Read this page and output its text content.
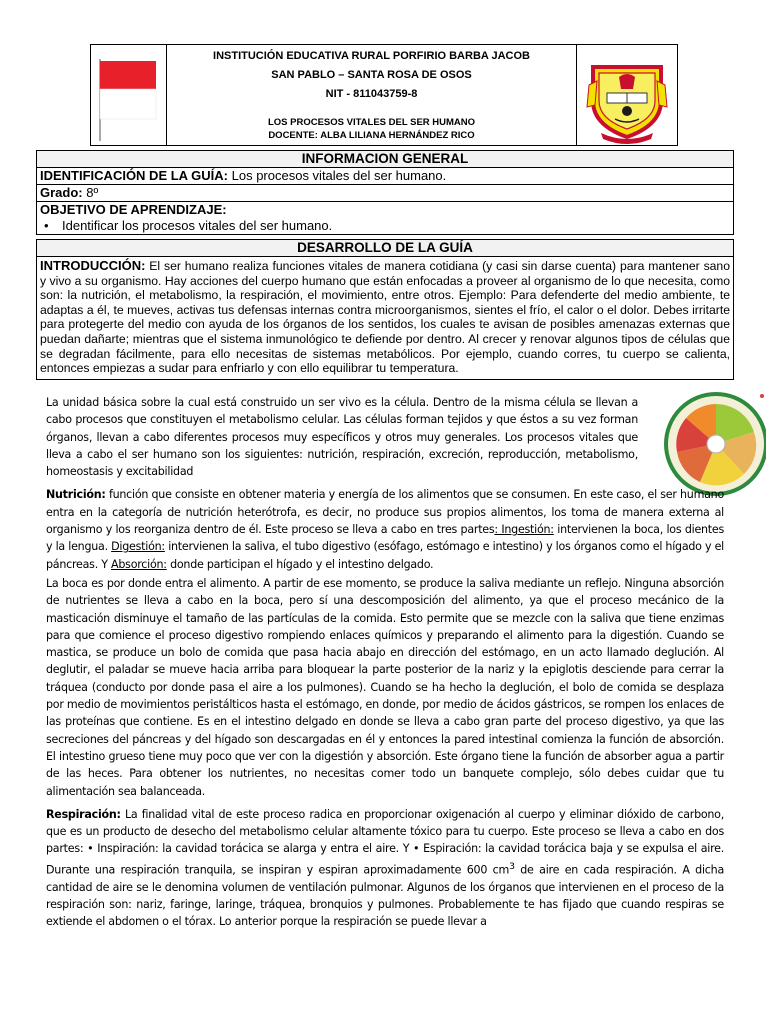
INSTITUCIÓN EDUCATIVA RURAL PORFIRIO BARBA JACOB
SAN PABLO – SANTA ROSA DE OSOS
NIT - 811043759-8
LOS PROCESOS VITALES DEL SER HUMANO
DOCENTE: ALBA LILIANA HERNÁNDEZ RICO
INFORMACION GENERAL
IDENTIFICACIÓN DE LA GUÍA: Los procesos vitales del ser humano.
Grado: 8º
OBJETIVO DE APRENDIZAJE:
• Identificar los procesos vitales del ser humano.
DESARROLLO DE LA GUÍA
INTRODUCCIÓN: El ser humano realiza funciones vitales de manera cotidiana (y casi sin darse cuenta) para mantener sano y vivo a su organismo. Hay acciones del cuerpo humano que están enfocadas a proveer al organismo de lo que necesita, como son: la nutrición, el metabolismo, la respiración, el movimiento, entre otros. Ejemplo: Para defenderte del medio ambiente, te adaptas a él, te mueves, activas tus defensas internas contra microorganismos, sientes el frío, el calor o el dolor. Debes irritarte para protegerte del medio con ayuda de los órganos de los sentidos, los cuales te avisan de posibles amenazas externas que puedan dañarte; mientras que el sistema inmunológico te defiende por dentro. Al crecer y renovar algunos tipos de células que se degradan fácilmente, para ello necesitas de sistemas metabólicos. Por ejemplo, cuando corres, tu cuerpo se calienta, entonces empiezas a sudar para enfriarlo y con ello equilibrar tu temperatura.

La unidad básica sobre la cual está construido un ser vivo es la célula. Dentro de la misma célula se llevan a cabo procesos que constituyen el metabolismo celular. Las células forman tejidos y que éstos a su vez forman órganos, llevan a cabo diferentes procesos muy específicos y otros muy generales. Los procesos vitales que lleva a cabo el ser humano son los siguientes: nutrición, respiración, excreción, reproducción, metabolismo, homeostasis y excitabilidad

Nutrición: función que consiste en obtener materia y energía de los alimentos que se consumen. En este caso, el ser humano entra en la categoría de nutrición heterótrofa, es decir, no produce sus propios alimentos, los toma de manera externa al organismo y los reorganiza dentro de él. Este proceso se lleva a cabo en tres partes: Ingestión: intervienen la boca, los dientes y la lengua. Digestión: intervienen la saliva, el tubo digestivo (esófago, estómago e intestino) y los órganos como el hígado y el páncreas. Y Absorción: donde participan el hígado y el intestino delgado.

La boca es por donde entra el alimento. A partir de ese momento, se produce la saliva mediante un reflejo. Ninguna absorción de nutrientes se lleva a cabo en la boca, pero sí una descomposición del alimento, ya que el proceso mecánico de la masticación disminuye el tamaño de las partículas de la comida. Esto permite que se mezcle con la saliva que tiene enzimas para que comience el proceso digestivo rompiendo enlaces químicos y preparando el alimento para la digestión. Cuando se mastica, se produce un bolo de comida que pasa hacia abajo en dirección del estómago, en un acto llamado deglución. Al deglutir, el paladar se mueve hacia arriba para bloquear la parte posterior de la nariz y la epiglotis desciende para cerrar la tráquea (conducto por donde pasa el aire a los pulmones). Cuando se ha hecho la deglución, el bolo de comida se desplaza por medio de movimientos peristálticos hasta el estómago, en donde, por medio de ácidos gástricos, se rompen los enlaces de las proteínas que contiene. Es en el intestino delgado en donde se lleva a cabo gran parte del proceso digestivo, ya que las secreciones del páncreas y del hígado son descargadas en él y entonces la pared intestinal comienza la función de absorción. El intestino grueso tiene muy poco que ver con la digestión y absorción. Este órgano tiene la función de absorber agua a partir de las heces. Para obtener los nutrientes, no necesitas comer todo un banquete complejo, sólo debes cuidar que tu alimentación sea balanceada.

Respiración: La finalidad vital de este proceso radica en proporcionar oxigenación al cuerpo y eliminar dióxido de carbono, que es un producto de desecho del metabolismo celular altamente tóxico para tu cuerpo. Este proceso se lleva a cabo en dos partes: • Inspiración: la cavidad torácica se alarga y entra el aire. Y • Espiración: la cavidad torácica baja y se expulsa el aire. Durante una respiración tranquila, se inspiran y espiran aproximadamente 600 $cm^3$ de aire en cada respiración. A dicha cantidad de aire se le denomina volumen de ventilación pulmonar. Algunos de los órganos que intervienen en el proceso de la respiración son: nariz, faringe, laringe, tráquea, bronquios y pulmones. Probablemente te has fijado que cuando respiras se extiende el abdomen o el tórax. Lo anterior porque la respiración se puede llevar a
